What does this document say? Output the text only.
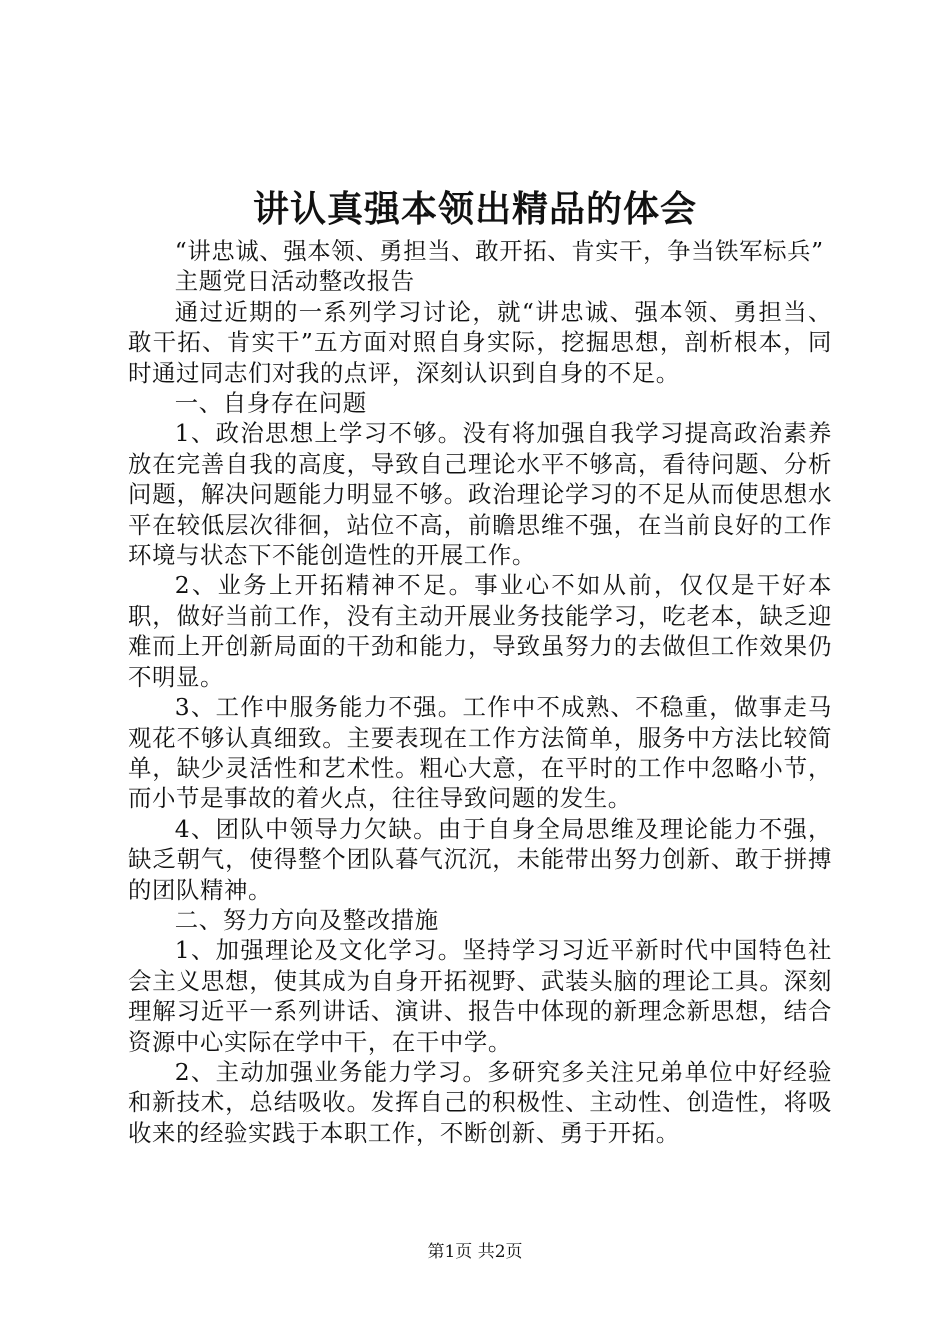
讲认真强本领出精品的体会

“讲忠诚、强本领、勇担当、敢开拓、肯实干，争当铁军标兵”

主题党日活动整改报告

通过近期的一系列学习讨论，就“讲忠诚、强本领、勇担当、敢干拓、肯实干”五方面对照自身实际，挖掘思想，剖析根本，同时通过同志们对我的点评，深刻认识到自身的不足。

一、自身存在问题

1、政治思想上学习不够。没有将加强自我学习提高政治素养放在完善自我的高度，导致自己理论水平不够高，看待问题、分析问题，解决问题能力明显不够。政治理论学习的不足从而使思想水平在较低层次徘徊，站位不高，前瞻思维不强，在当前良好的工作环境与状态下不能创造性的开展工作。

2、业务上开拓精神不足。事业心不如从前，仅仅是干好本职，做好当前工作，没有主动开展业务技能学习，吃老本，缺乏迎难而上开创新局面的干劲和能力，导致虽努力的去做但工作效果仍不明显。

3、工作中服务能力不强。工作中不成熟、不稳重，做事走马观花不够认真细致。主要表现在工作方法简单，服务中方法比较简单，缺少灵活性和艺术性。粗心大意，在平时的工作中忽略小节，而小节是事故的着火点，往往导致问题的发生。

4、团队中领导力欠缺。由于自身全局思维及理论能力不强，缺乏朝气，使得整个团队暮气沉沉，未能带出努力创新、敢于拼搏的团队精神。

二、努力方向及整改措施

1、加强理论及文化学习。坚持学习习近平新时代中国特色社会主义思想，使其成为自身开拓视野、武装头脑的理论工具。深刻理解习近平一系列讲话、演讲、报告中体现的新理念新思想，结合资源中心实际在学中干，在干中学。

2、主动加强业务能力学习。多研究多关注兄弟单位中好经验和新技术，总结吸收。发挥自己的积极性、主动性、创造性，将吸收来的经验实践于本职工作，不断创新、勇于开拓。

第1页 共2页
